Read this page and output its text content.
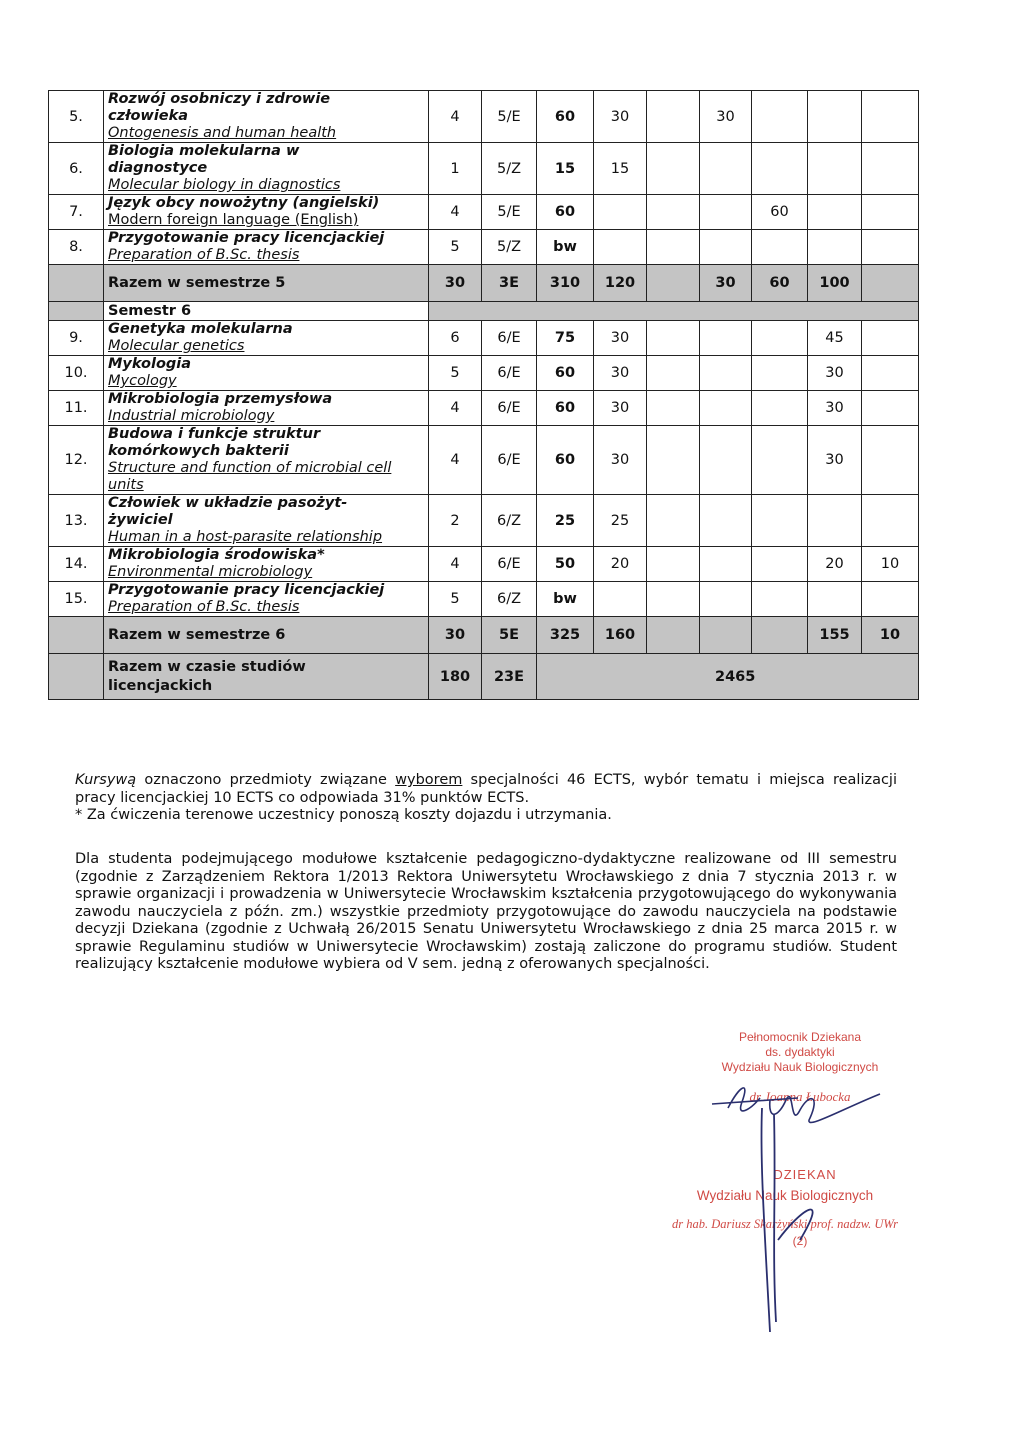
5.	Rozwój osobniczy i zdrowie
człowieka
Ontogenesis and human health	4	5/E	60	30		30			
6.	Biologia molekularna w
diagnostyce
Molecular biology in diagnostics	1	5/Z	15	15					
7.	Język obcy nowożytny (angielski)
Modern foreign language (English)	4	5/E	60				60		
8.	Przygotowanie pracy licencjackiej
Preparation of B.Sc. thesis	5	5/Z	bw						
	Razem w semestrze 5	30	3E	310	120		30	60	100	
	Semestr 6									
9.	Genetyka molekularna
Molecular genetics	6	6/E	75	30				45	
10.	Mykologia
Mycology	5	6/E	60	30				30	
11.	Mikrobiologia przemysłowa
Industrial microbiology	4	6/E	60	30				30	
12.	Budowa i funkcje struktur
komórkowych bakterii
Structure and function of microbial cell units	4	6/E	60	30				30	
13.	Człowiek w układzie pasożyt-
żywiciel
Human in a host-parasite relationship	2	6/Z	25	25					
14.	Mikrobiologia środowiska*
Environmental microbiology	4	6/E	50	20				20	10
15.	Przygotowanie pracy licencjackiej
Preparation of B.Sc. thesis	5	6/Z	bw						
	Razem w semestrze 6	30	5E	325	160				155	10

	Razem w czasie studiów
licencjackich	180	23E	2465						

Kursywą oznaczono przedmioty związane wyborem specjalności 46 ECTS, wybór tematu i miejsca realizacji pracy licencjackiej 10 ECTS co odpowiada 31% punktów ECTS.

* Za ćwiczenia terenowe uczestnicy ponoszą koszty dojazdu i utrzymania.

Dla studenta podejmującego modułowe kształcenie pedagogiczno-dydaktyczne realizowane od III semestru (zgodnie z Zarządzeniem Rektora 1/2013 Rektora Uniwersytetu Wrocławskiego z dnia 7 stycznia 2013 r. w sprawie organizacji i prowadzenia w Uniwersytecie Wrocławskim kształcenia przygotowującego do wykonywania zawodu nauczyciela z późn. zm.) wszystkie przedmioty przygotowujące do zawodu nauczyciela na podstawie decyzji Dziekana (zgodnie z Uchwałą 26/2015 Senatu Uniwersytetu Wrocławskiego z dnia 25 marca 2015 r. w sprawie Regulaminu studiów w Uniwersytecie Wrocławskim) zostają zaliczone do programu studiów. Student realizujący kształcenie modułowe wybiera od V sem. jedną z oferowanych specjalności.

Pełnomocnik Dziekana
ds. dydaktyki
Wydziału Nauk Biologicznych
dr Joanna Łubocka
DZIEKAN
Wydziału Nauk Biologicznych
dr hab. Dariusz Skarżyński prof. nadzw. UWr
(2)
